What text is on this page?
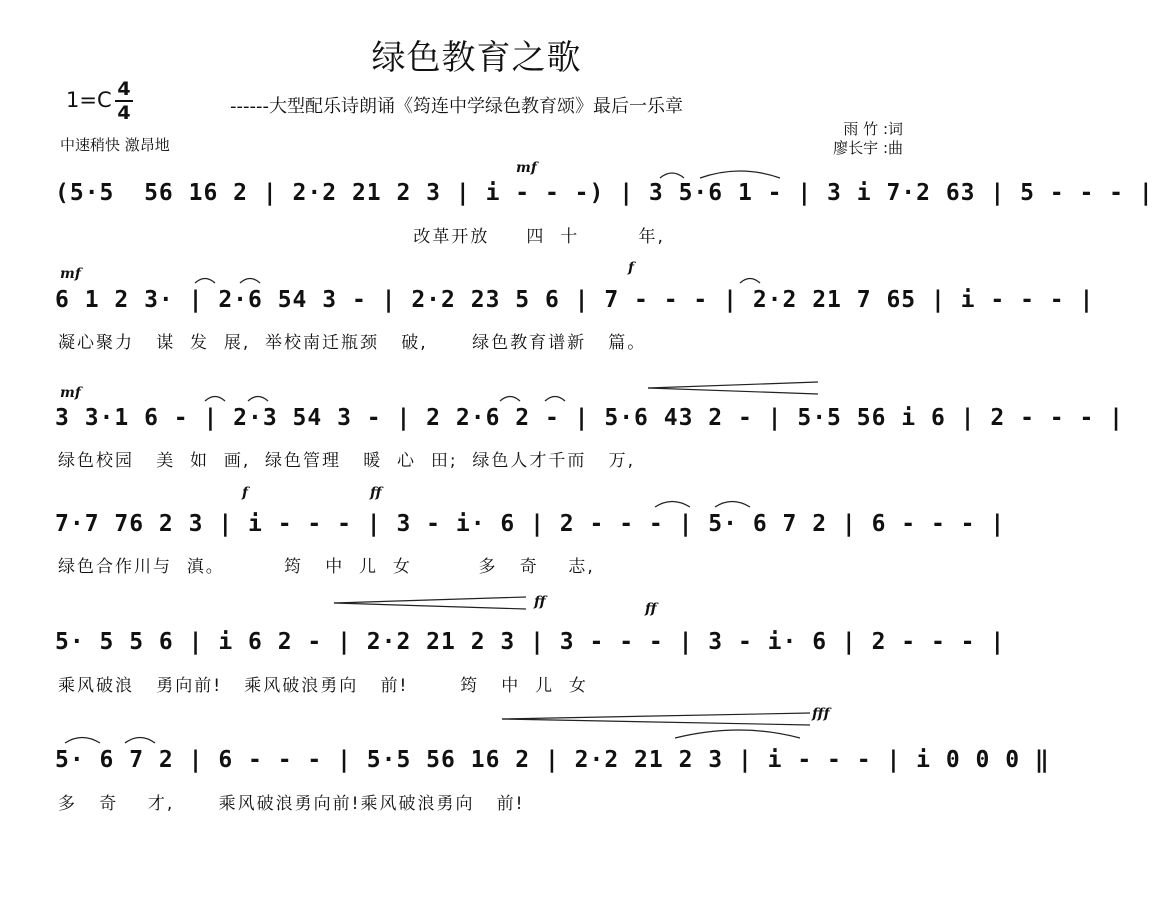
绿色教育之歌
1=C 4
4	------大型配乐诗朗诵《筠连中学绿色教育颂》最后一乐章
中速稍快 激昂地
雨 竹 :词
廖长宇 :曲
mf
mf	f
mf
f	ff
ff	ff
fff
(5·5  56 16 2 | 2·2 21 2 3 | i - - -) | 3 5·6 1 - | 3 i 7·2 63 | 5 - - - |
改革开放     四  十        年,
6 1 2 3· | 2·6 54 3 - | 2·2 23 5 6 | 7 - - - | 2·2 21 7 65 | i - - - |
凝心聚力   谋  发  展,  举校南迁瓶颈   破,      绿色教育谱新   篇。
3 3·1 6 - | 2·3 54 3 - | 2 2·6 2 - | 5·6 43 2 - | 5·5 56 i 6 | 2 - - - |
绿色校园   美  如  画,  绿色管理   暖  心  田;  绿色人才千而   万,
7·7 76 2 3 | i - - - | 3 - i· 6 | 2 - - - | 5· 6 7 2 | 6 - - - |
绿色合作川与  滇。        筠   中  儿  女         多   奇    志,
5· 5 5 6 | i 6 2 - | 2·2 21 2 3 | 3 - - - | 3 - i· 6 | 2 - - - |
乘风破浪   勇向前!   乘风破浪勇向   前!       筠   中  儿  女
5· 6 7 2 | 6 - - - | 5·5 56 16 2 | 2·2 21 2 3 | i - - - | i 0 0 0 ‖
多   奇    才,      乘风破浪勇向前!乘风破浪勇向   前!
